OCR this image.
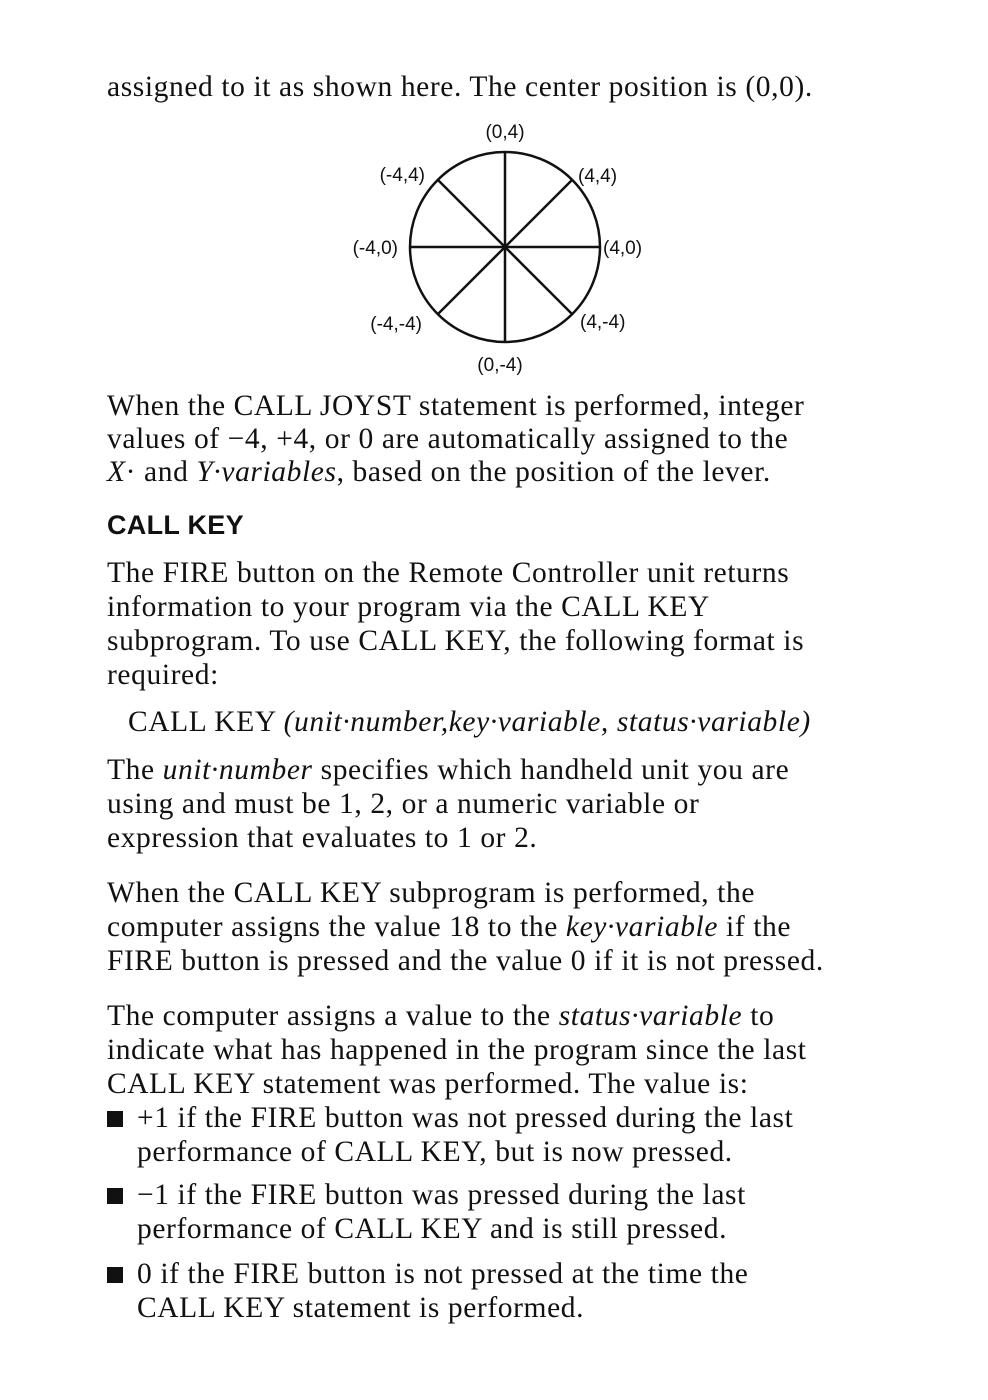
assigned to it as shown here. The center position is (0,0).
(0,4)
(4,4)
(4,0)
(4,-4)
(0,-4)
(-4,-4)
(-4,0)
(-4,4)
When the CALL JOYST statement is performed, integer
values of −4, +4, or 0 are automatically assigned to the
X· and Y·variables, based on the position of the lever.
CALL KEY
The FIRE button on the Remote Controller unit returns
information to your program via the CALL KEY
subprogram. To use CALL KEY, the following format is
required:
CALL KEY (unit·number,key·variable, status·variable)
The unit·number specifies which handheld unit you are
using and must be 1, 2, or a numeric variable or
expression that evaluates to 1 or 2.
When the CALL KEY subprogram is performed, the
computer assigns the value 18 to the key·variable if the
FIRE button is pressed and the value 0 if it is not pressed.
The computer assigns a value to the status·variable to
indicate what has happened in the program since the last
CALL KEY statement was performed. The value is:
+1 if the FIRE button was not pressed during the last
performance of CALL KEY, but is now pressed.
−1 if the FIRE button was pressed during the last
performance of CALL KEY and is still pressed.
0 if the FIRE button is not pressed at the time the
CALL KEY statement is performed.
